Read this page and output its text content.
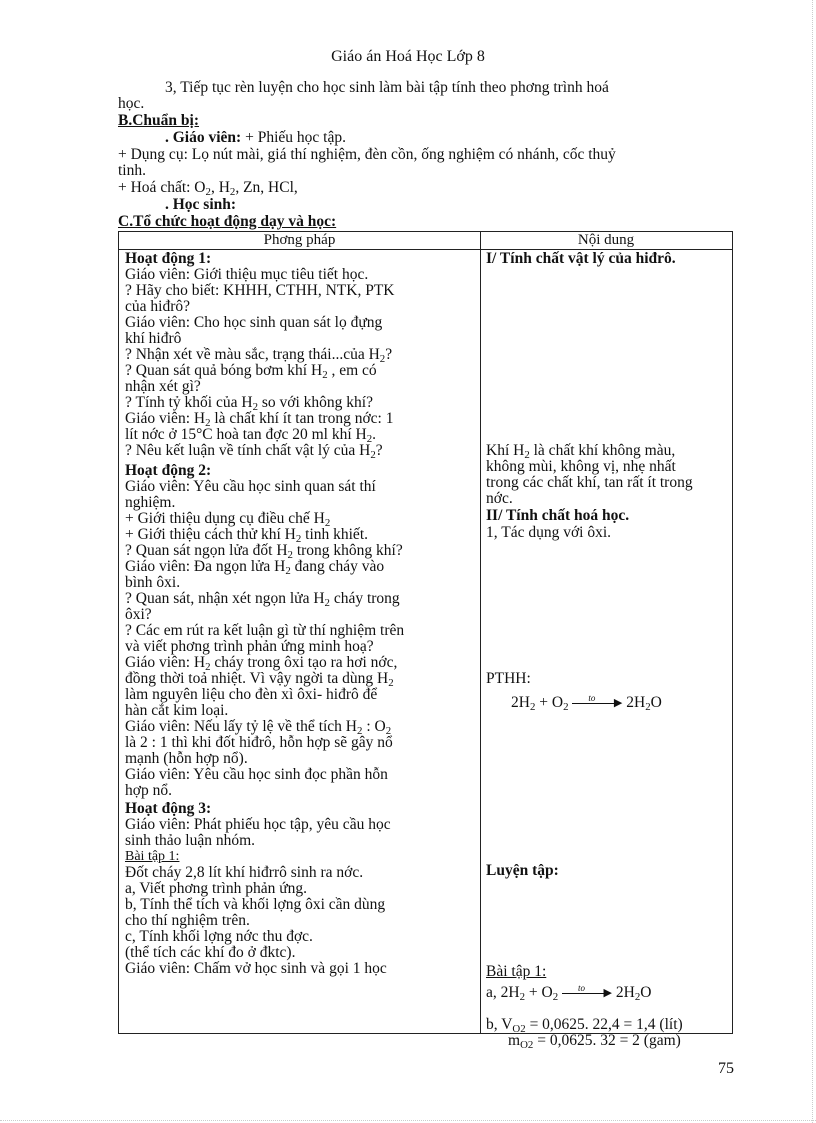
Giáo án Hoá Học Lớp 8
3, Tiếp tục rèn luyện cho học sinh làm bài tập tính theo phơng trình hoá
học.
B.Chuẩn bị:
. Giáo viên: + Phiếu học tập.
+ Dụng cụ: Lọ nút mài, giá thí nghiệm, đèn cồn, ống nghiệm có nhánh, cốc thuỷ
tinh.
+ Hoá chất: $O_2$, $H_2$, Zn, HCl,
. Học sinh:
C.Tổ chức hoạt động dạy và học:
Phơng pháp	Nội dung
Hoạt động 1:
Giáo viên: Giới thiệu mục tiêu tiết học.
? Hãy cho biết: KHHH, CTHH, NTK, PTK
của hiđrô?
Giáo viên: Cho học sinh quan sát lọ đựng
khí hiđrô
? Nhận xét về màu sắc, trạng thái...của $H_2$?
? Quan sát quả bóng bơm khí $H_2$ , em có
nhận xét gì?
? Tính tỷ khối của $H_2$ so với không khí?
Giáo viên: $H_2$ là chất khí ít tan trong nớc: 1
lít nớc ở 15°C hoà tan đợc 20 ml khí $H_2$.
? Nêu kết luận về tính chất vật lý của $H_2$?
Hoạt động 2:
Giáo viên: Yêu cầu học sinh quan sát thí
nghiệm.
+ Giới thiệu dụng cụ điều chế $H_2$
+ Giới thiệu cách thử khí $H_2$ tinh khiết.
? Quan sát ngọn lửa đốt $H_2$ trong không khí?
Giáo viên: Đa ngọn lửa $H_2$ đang cháy vào
bình ôxi.
? Quan sát, nhận xét ngọn lửa $H_2$ cháy trong
ôxi?
? Các em rút ra kết luận gì từ thí nghiệm trên
và viết phơng trình phản ứng minh hoạ?
Giáo viên: $H_2$ cháy trong ôxi tạo ra hơi nớc,
đồng thời toả nhiệt. Vì vậy ngời ta dùng $H_2$
làm nguyên liệu cho đèn xì ôxi- hiđrô để
hàn cắt kim loại.
Giáo viên: Nếu lấy tỷ lệ về thể tích $H_2$ : $O_2$
là 2 : 1 thì khi đốt hiđrô, hỗn hợp sẽ gây nổ
mạnh (hỗn hợp nổ).
Giáo viên: Yêu cầu học sinh đọc phần hỗn
hợp nổ.
Hoạt động 3:
Giáo viên: Phát phiếu học tập, yêu cầu học
sinh thảo luận nhóm.
Bài tập 1:
Đốt cháy 2,8 lít khí hiđrrô sinh ra nớc.
a, Viết phơng trình phản ứng.
b, Tính thể tích và khối lợng ôxi cần dùng
cho thí nghiệm trên.
c, Tính khối lợng nớc thu đợc.
(thể tích các khí đo ở đktc).
Giáo viên: Chấm vở học sinh và gọi 1 học
I/ Tính chất vật lý của hiđrô.
Khí $H_2$ là chất khí không màu,
không mùi, không vị, nhẹ nhất
trong các chất khí, tan rất ít trong
nớc.
II/ Tính chất hoá học.
1, Tác dụng với ôxi.
PTHH:
$2H_2 + O_2$
to ▶ $2H_2O$
Luyện tập:
Bài tập 1:
a, $2H_2 + O_2$
to ▶ $2H_2O$
b, $V_{O2} = 0,0625$. 22,4 = 1,4 (lít)
$m_{O2} = 0,0625$. 32 = 2 (gam)
75
